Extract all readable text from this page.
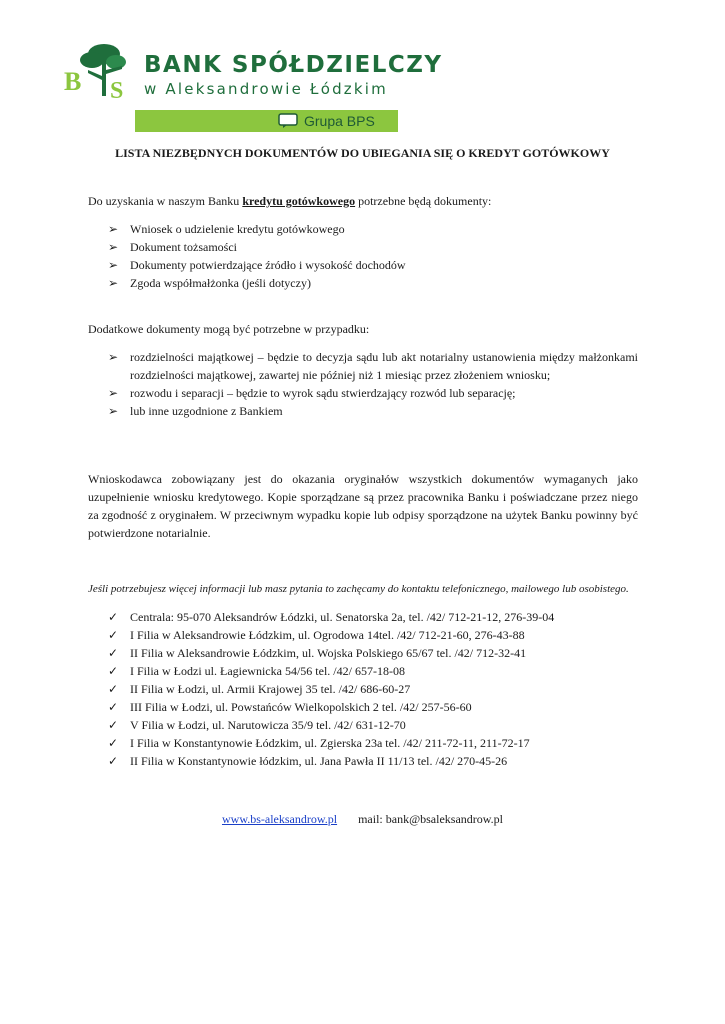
B S
BANK SPÓŁDZIELCZY
w Aleksandrowie Łódzkim
Grupa BPS
LISTA NIEZBĘDNYCH DOKUMENTÓW DO UBIEGANIA SIĘ O KREDYT GOTÓWKOWY
Do uzyskania w naszym Banku kredytu gotówkowego potrzebne będą dokumenty:
➢ Wniosek o udzielenie kredytu gotówkowego
➢ Dokument tożsamości
➢ Dokumenty potwierdzające źródło i wysokość dochodów
➢ Zgoda współmałżonka (jeśli dotyczy)
Dodatkowe dokumenty mogą być potrzebne w przypadku:
➢ rozdzielności majątkowej – będzie to decyzja sądu lub akt notarialny ustanowienia między małżonkami rozdzielności majątkowej, zawartej nie później niż 1 miesiąc przez złożeniem wniosku;
➢ rozwodu i separacji – będzie to wyrok sądu stwierdzający rozwód lub separację;
➢ lub inne uzgodnione z Bankiem
Wnioskodawca zobowiązany jest do okazania oryginałów wszystkich dokumentów wymaganych jako uzupełnienie wniosku kredytowego. Kopie sporządzane są przez pracownika Banku i poświadczane przez niego za zgodność z oryginałem. W przeciwnym wypadku kopie lub odpisy sporządzone na użytek Banku powinny być potwierdzone notarialnie.
Jeśli potrzebujesz więcej informacji lub masz pytania to zachęcamy do kontaktu telefonicznego, mailowego lub osobistego.
✓ Centrala: 95-070 Aleksandrów Łódzki, ul. Senatorska 2a, tel. /42/ 712-21-12, 276-39-04
✓ I Filia w Aleksandrowie Łódzkim, ul. Ogrodowa 14tel. /42/ 712-21-60, 276-43-88
✓ II Filia w Aleksandrowie Łódzkim, ul. Wojska Polskiego 65/67 tel. /42/ 712-32-41
✓ I Filia w Łodzi ul. Łagiewnicka 54/56 tel. /42/ 657-18-08
✓ II Filia w Łodzi, ul. Armii Krajowej 35 tel. /42/ 686-60-27
✓ III Filia w Łodzi, ul. Powstańców Wielkopolskich 2 tel. /42/ 257-56-60
✓ V Filia w Łodzi, ul. Narutowicza 35/9 tel. /42/ 631-12-70
✓ I Filia w Konstantynowie Łódzkim, ul. Zgierska 23a tel. /42/ 211-72-11, 211-72-17
✓ II Filia w Konstantynowie łódzkim, ul. Jana Pawła II 11/13 tel. /42/ 270-45-26
www.bs-aleksandrow.pl mail: bank@bsaleksandrow.pl
